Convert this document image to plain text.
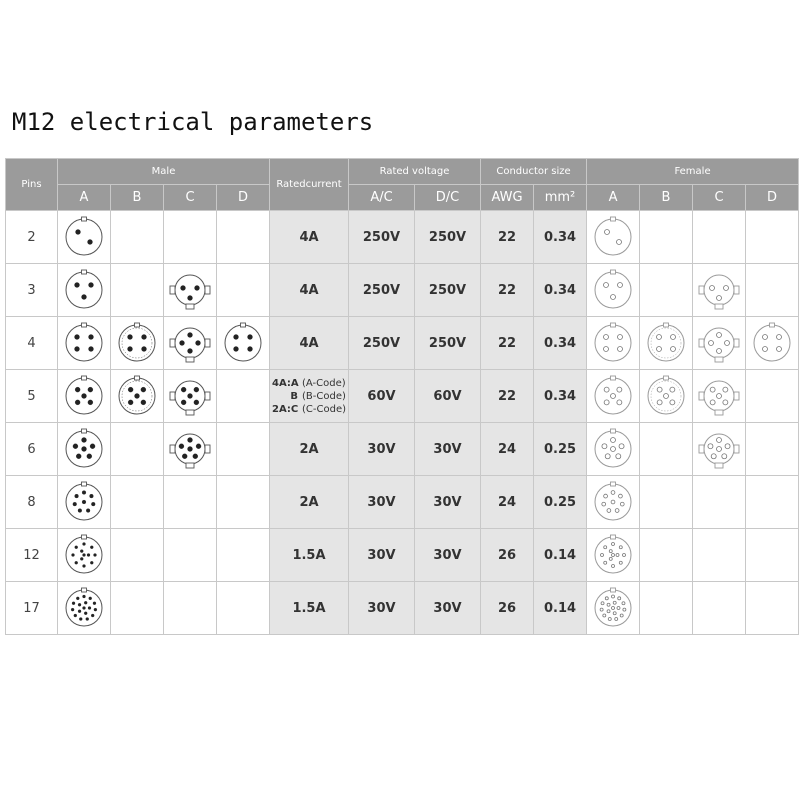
M12 electrical parameters
Pins	Male				Ratedcurrent	Rated voltage		Conductor size		Female			
	A	B	C	D		A/C	D/C	AWG	mm²	A	B	C	D
2					4A	250V	250V	22	0.34	

3					4A	250V	250V	22	0.34	

4					4A	250V	250V	22	0.34	

5					4A:A (A-Code)
B (B-Code)
2A:C (C-Code)	60V	60V	22	0.34	

6					2A	30V	30V	24	0.25	

8					2A	30V	30V	24	0.25	

12					1.5A	30V	30V	26	0.14	

17					1.5A	30V	30V	26	0.14	
